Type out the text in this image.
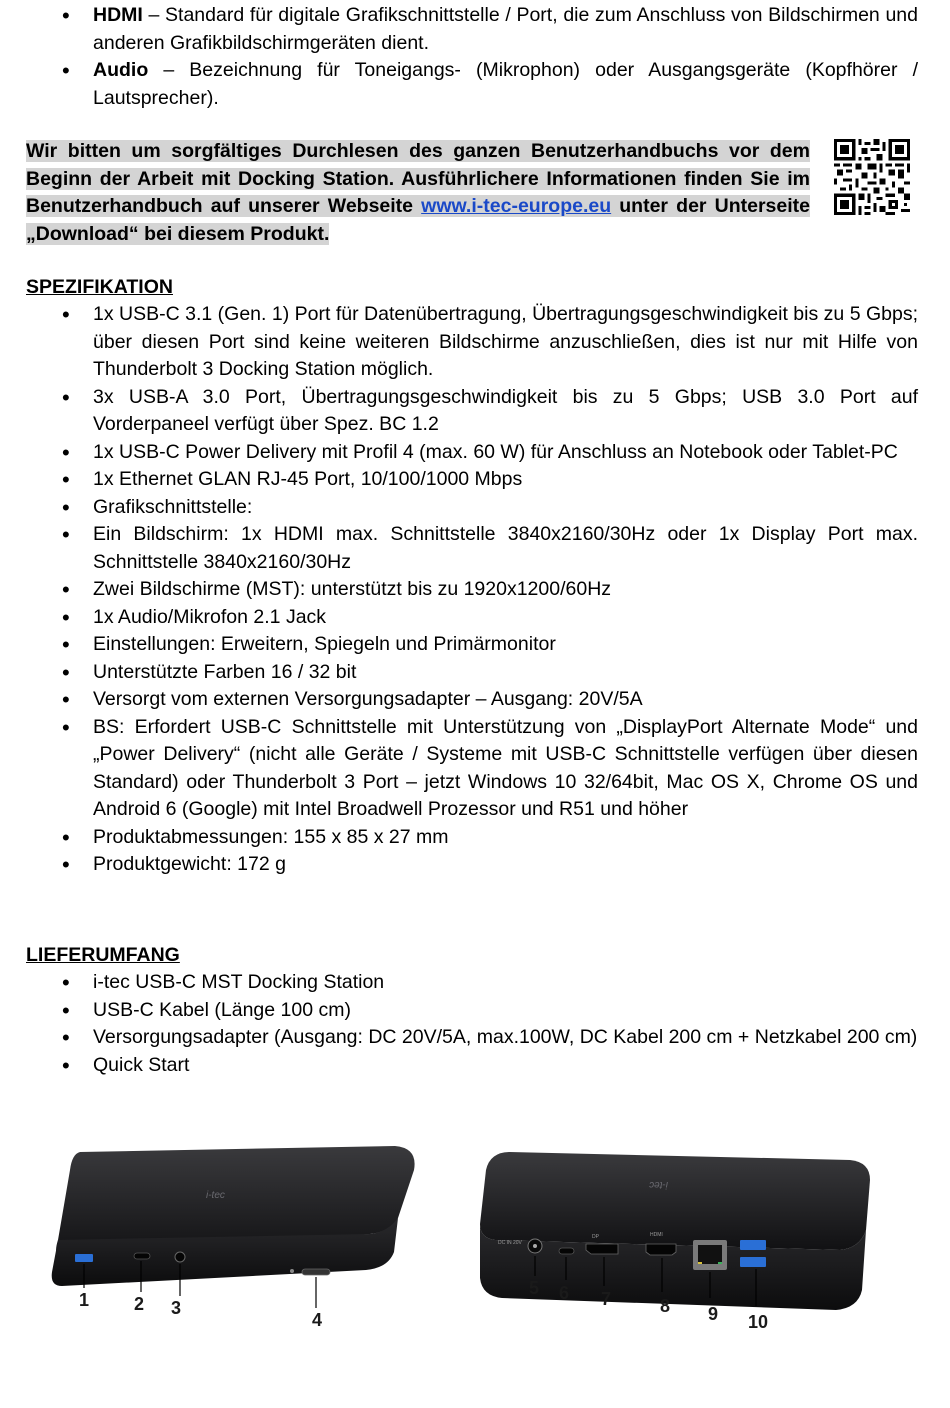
• HDMI – Standard für digitale Grafikschnittstelle / Port, die zum Anschluss von Bildschirmen und anderen Grafikbildschirmgeräten dient.
• Audio – Bezeichnung für Toneigangs- (Mikrophon) oder Ausgangsgeräte (Kopfhörer / Lautsprecher).
Wir bitten um sorgfältiges Durchlesen des ganzen Benutzerhandbuchs vor dem Beginn der Arbeit mit Docking Station. Ausführlichere Informationen finden Sie im Benutzerhandbuch auf unserer Webseite www.i-tec-europe.eu unter der Unterseite „Download“ bei diesem Produkt.
SPEZIFIKATION
• 1x USB-C 3.1 (Gen. 1) Port für Datenübertragung, Übertragungsgeschwindigkeit bis zu 5 Gbps; über diesen Port sind keine weiteren Bildschirme anzuschließen, dies ist nur mit Hilfe von Thunderbolt 3 Docking Station möglich.
• 3x USB-A 3.0 Port, Übertragungsgeschwindigkeit bis zu 5 Gbps; USB 3.0 Port auf Vorderpaneel verfügt über Spez. BC 1.2
• 1x USB-C Power Delivery mit Profil 4 (max. 60 W) für Anschluss an Notebook oder Tablet-PC
• 1x Ethernet GLAN RJ-45 Port, 10/100/1000 Mbps
• Grafikschnittstelle:
• Ein Bildschirm: 1x HDMI max. Schnittstelle 3840x2160/30Hz oder 1x Display Port max. Schnittstelle 3840x2160/30Hz
• Zwei Bildschirme (MST): unterstützt bis zu 1920x1200/60Hz
• 1x Audio/Mikrofon 2.1 Jack
• Einstellungen: Erweitern, Spiegeln und Primärmonitor
• Unterstützte Farben 16 / 32 bit
• Versorgt vom externen Versorgungsadapter – Ausgang: 20V/5A
• BS: Erfordert USB-C Schnittstelle mit Unterstützung von „DisplayPort Alternate Mode“ und „Power Delivery“ (nicht alle Geräte / Systeme mit USB-C Schnittstelle verfügen über diesen Standard) oder Thunderbolt 3 Port – jetzt Windows 10 32/64bit, Mac OS X, Chrome OS und Android 6 (Google) mit Intel Broadwell Prozessor und R51 und höher
• Produktabmessungen: 155 x 85 x 27 mm
• Produktgewicht: 172 g
LIEFERUMFANG
• i-tec USB-C MST Docking Station
• USB-C Kabel (Länge 100 cm)
• Versorgungsadapter (Ausgang: DC 20V/5A, max.100W, DC Kabel 200 cm + Netzkabel 200 cm)
• Quick Start
i-tec
1 2 3
4
i-tec
DC IN 20V
DP	HDMI
5 6 7	8 9 10
